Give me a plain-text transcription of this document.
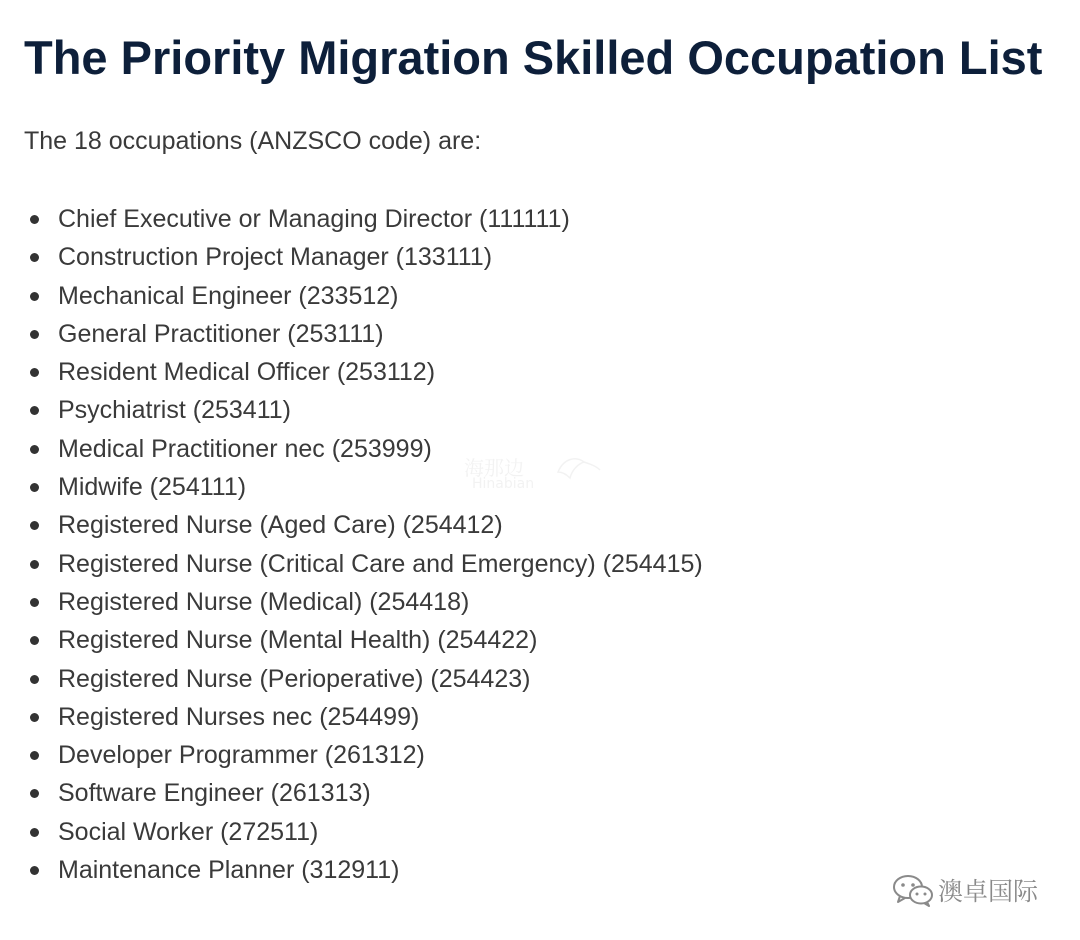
The Priority Migration Skilled Occupation List

The 18 occupations (ANZSCO code) are:

Chief Executive or Managing Director (111111)
Construction Project Manager (133111)
Mechanical Engineer (233512)
General Practitioner (253111)
Resident Medical Officer (253112)
Psychiatrist (253411)
Medical Practitioner nec (253999)
Midwife (254111)
Registered Nurse (Aged Care) (254412)
Registered Nurse (Critical Care and Emergency) (254415)
Registered Nurse (Medical) (254418)
Registered Nurse (Mental Health) (254422)
Registered Nurse (Perioperative) (254423)
Registered Nurses nec (254499)
Developer Programmer (261312)
Software Engineer (261313)
Social Worker (272511)
Maintenance Planner (312911)
海那边
Hinabian
澳卓国际
